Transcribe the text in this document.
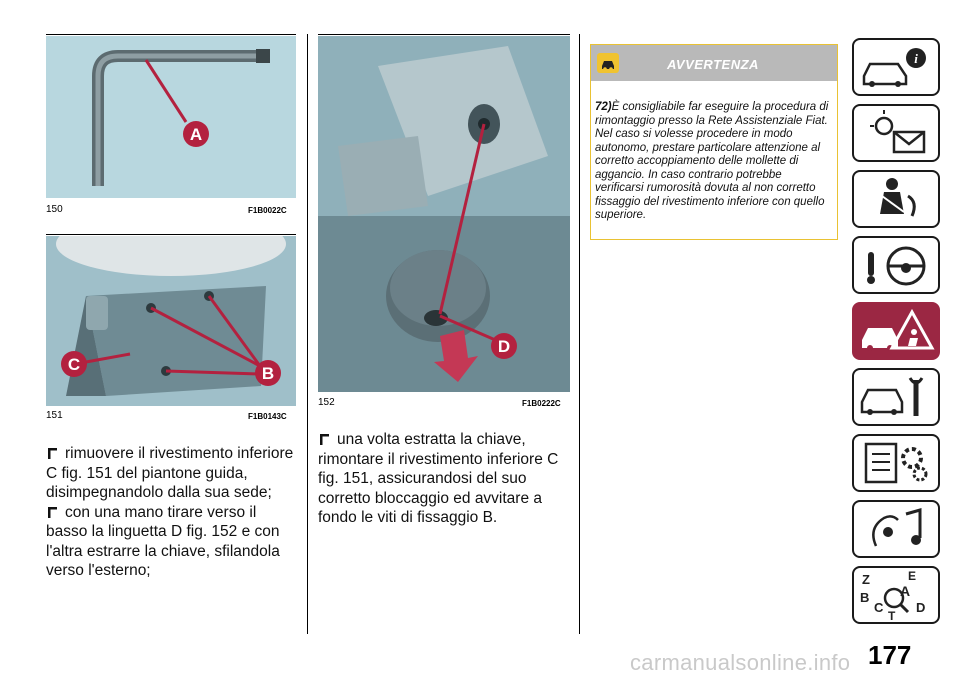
A
150	F1B0022C
C	B
151	F1B0143C
D
152	F1B0222C

rimuovere il rivestimento inferiore C fig. 151 del piantone guida, disimpegnandolo dalla sua sede;

con una mano tirare verso il basso la linguetta D fig. 152 e con l'altra estrarre la chiave, sfilandola verso l'esterno;

una volta estratta la chiave, rimontare il rivestimento inferiore C fig. 151, assicurandosi del suo corretto bloccaggio ed avvitare a fondo le viti di fissaggio B.

AVVERTENZA
72)È consigliabile far eseguire la procedura di rimontaggio presso la Rete Assistenziale Fiat. Nel caso si volesse procedere in modo autonomo, prestare particolare attenzione al corretto accoppiamento delle mollette di aggancio. In caso contrario potrebbe verificarsi rumorosità dovuta al non corretto fissaggio del rivestimento inferiore con quello superiore.
i
Z	E
B A
C
T
D
177
carmanualsonline.info
